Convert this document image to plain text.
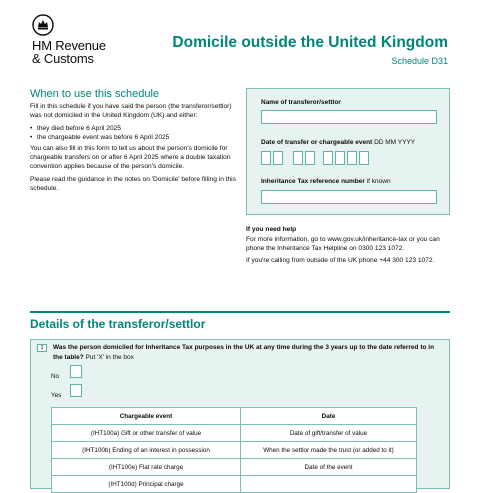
HM Revenue
& Customs
Domicile outside the United Kingdom
Schedule D31
When to use this schedule

Fill in this schedule if you have said the person (the transferor/settlor) was not domiciled in the United Kingdom (UK) and either:

• they died before 6 April 2025
• the chargeable event was before 6 April 2025

You can also fill in this form to tell us about the person's domicile for chargeable transfers on or after 6 April 2025 where a double taxation convention applies because of the person's domicile.

Please read the guidance in the notes on 'Domicile' before filling in this schedule.

Name of transferor/settlor
Date of transfer or chargeable event DD MM YYYY
Inheritance Tax reference number if known
If you need help

For more information, go to www.gov.uk/inheritance-tax or you can phone the Inheritance Tax Helpline on 0300 123 1072.

If you're calling from outside of the UK phone +44 300 123 1072.

Details of the transferor/settlor
1	Was the person domiciled for Inheritance Tax purposes in the UK at any time during the 3 years up to the date referred to in the table? Put 'X' in the box
No
Yes
Chargeable event	Date
(IHT100a) Gift or other transfer of value	Date of gift/transfer of value
(IHT100b) Ending of an interest in possession	When the settlor made the trust (or added to it)
(IHT100e) Flat rate charge	Date of the event
(IHT100d) Principal charge	
